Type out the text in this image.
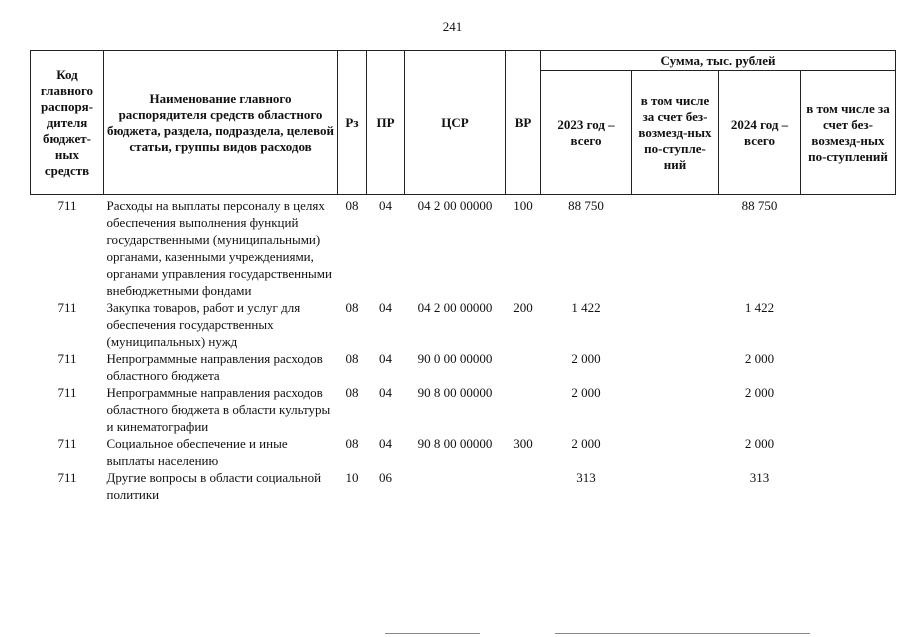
241
Код главного распоря-дителя бюджет-ных средств	Наименование главного распорядителя средств областного бюджета, раздела, подраздела, целевой статьи, группы видов расходов	Рз	ПР	ЦСР	ВР	Сумма, тыс. рублей			
						2023 год – всего	в том числе за счет без-возмезд-ных по-ступле-ний	2024 год – всего	в том числе за счет без-возмезд-ных по-ступлений
711	Расходы на выплаты персоналу в целях обеспечения выполнения функций государственными (муниципальными) органами, казенными учреждениями, органами управления государственными внебюджетными фондами	08	04	04 2 00 00000	100	88 750		88 750	
711	Закупка товаров, работ и услуг для обеспечения государственных (муниципальных) нужд	08	04	04 2 00 00000	200	1 422		1 422	
711	Непрограммные направления расходов областного бюджета	08	04	90 0 00 00000		2 000		2 000	
711	Непрограммные направления расходов областного бюджета в области культуры и кинематографии	08	04	90 8 00 00000		2 000		2 000	
711	Социальное обеспечение и иные выплаты населению	08	04	90 8 00 00000	300	2 000		2 000	
711	Другие вопросы в области социальной политики	10	06			313		313	
